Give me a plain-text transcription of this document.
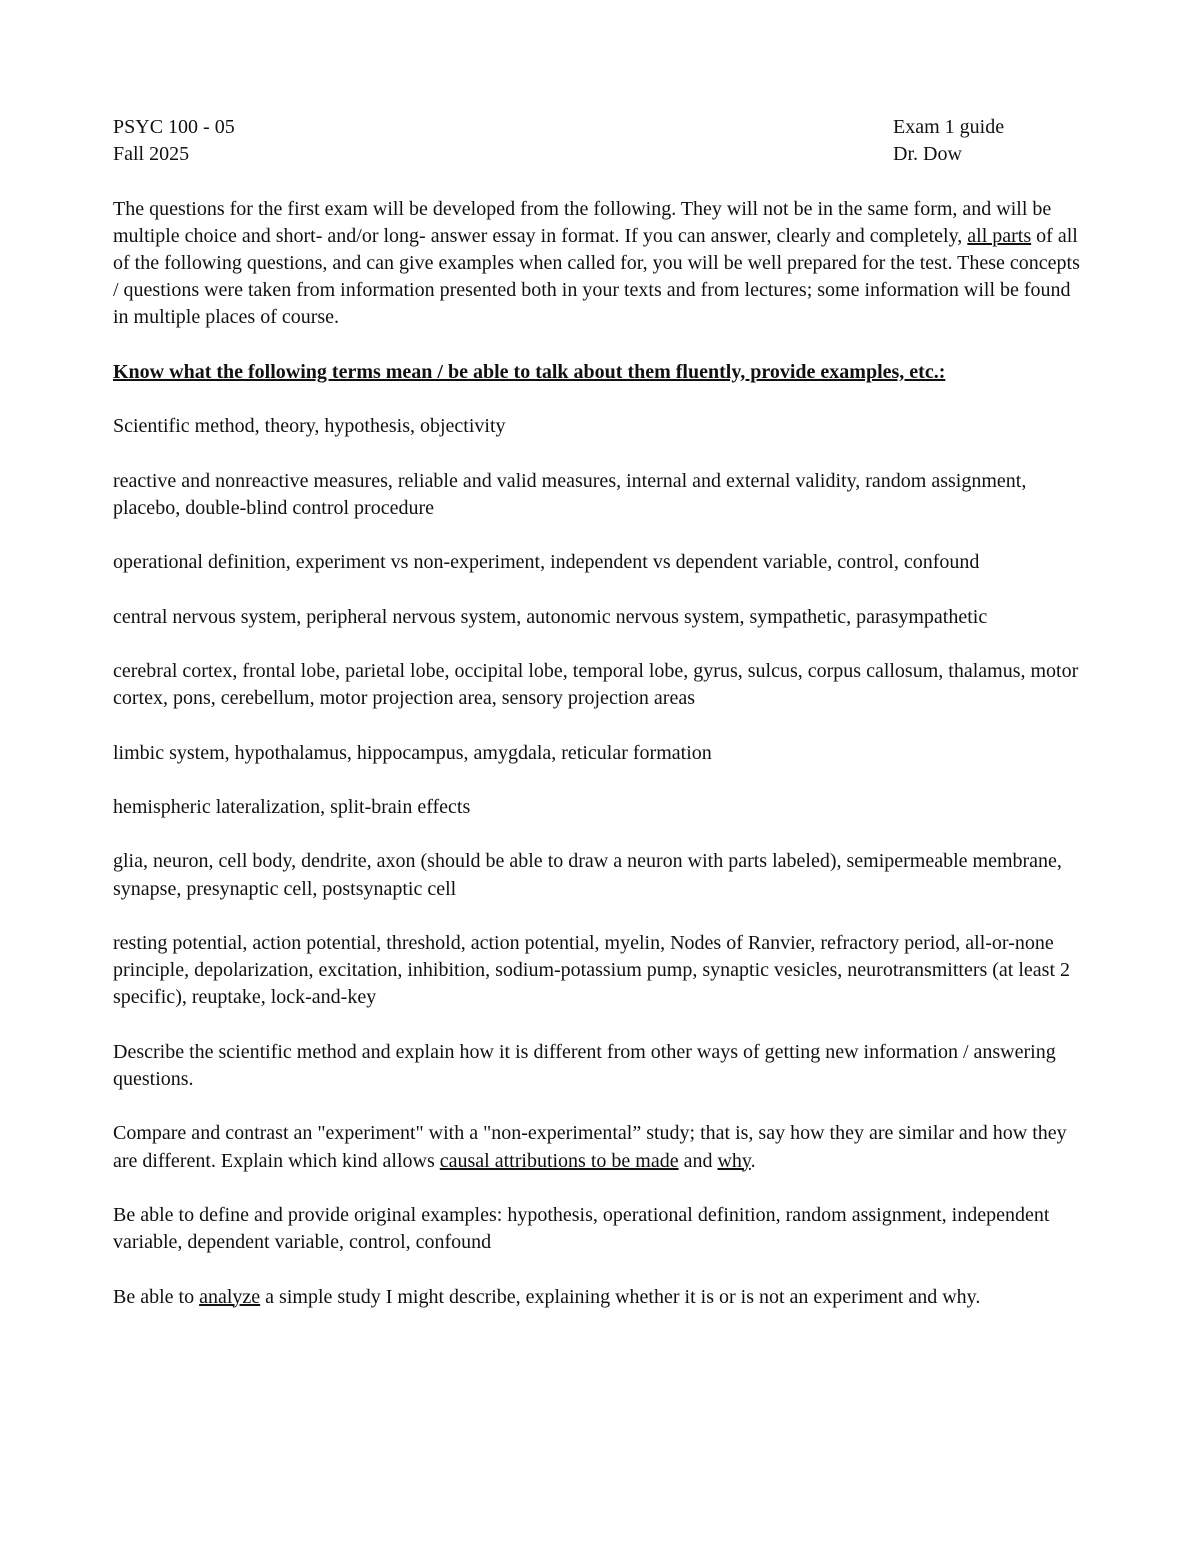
PSYC 100 - 05	Exam 1 guide
Fall 2025	Dr. Dow

The questions for the first exam will be developed from the following. They will not be in the same form, and will be multiple choice and short- and/or long- answer essay in format. If you can answer, clearly and completely, all parts of all of the following questions, and can give examples when called for, you will be well prepared for the test. These concepts / questions were taken from information presented both in your texts and from lectures; some information will be found in multiple places of course.

Know what the following terms mean / be able to talk about them fluently, provide examples, etc.:

Scientific method, theory, hypothesis, objectivity

reactive and nonreactive measures, reliable and valid measures, internal and external validity, random assignment, placebo, double-blind control procedure

operational definition, experiment vs non-experiment, independent vs dependent variable, control, confound

central nervous system, peripheral nervous system, autonomic nervous system, sympathetic, parasympathetic

cerebral cortex, frontal lobe, parietal lobe, occipital lobe, temporal lobe, gyrus, sulcus, corpus callosum, thalamus, motor cortex, pons, cerebellum, motor projection area, sensory projection areas

limbic system, hypothalamus, hippocampus, amygdala, reticular formation

hemispheric lateralization, split-brain effects

glia, neuron, cell body, dendrite, axon (should be able to draw a neuron with parts labeled), semipermeable membrane, synapse, presynaptic cell, postsynaptic cell

resting potential, action potential, threshold, action potential, myelin, Nodes of Ranvier, refractory period, all-or-none principle, depolarization, excitation, inhibition, sodium-potassium pump, synaptic vesicles, neurotransmitters (at least 2 specific), reuptake, lock-and-key

Describe the scientific method and explain how it is different from other ways of getting new information / answering questions.

Compare and contrast an "experiment" with a "non-experimental” study; that is, say how they are similar and how they are different. Explain which kind allows causal attributions to be made and why.

Be able to define and provide original examples: hypothesis, operational definition, random assignment, independent variable, dependent variable, control, confound

Be able to analyze a simple study I might describe, explaining whether it is or is not an experiment and why.
